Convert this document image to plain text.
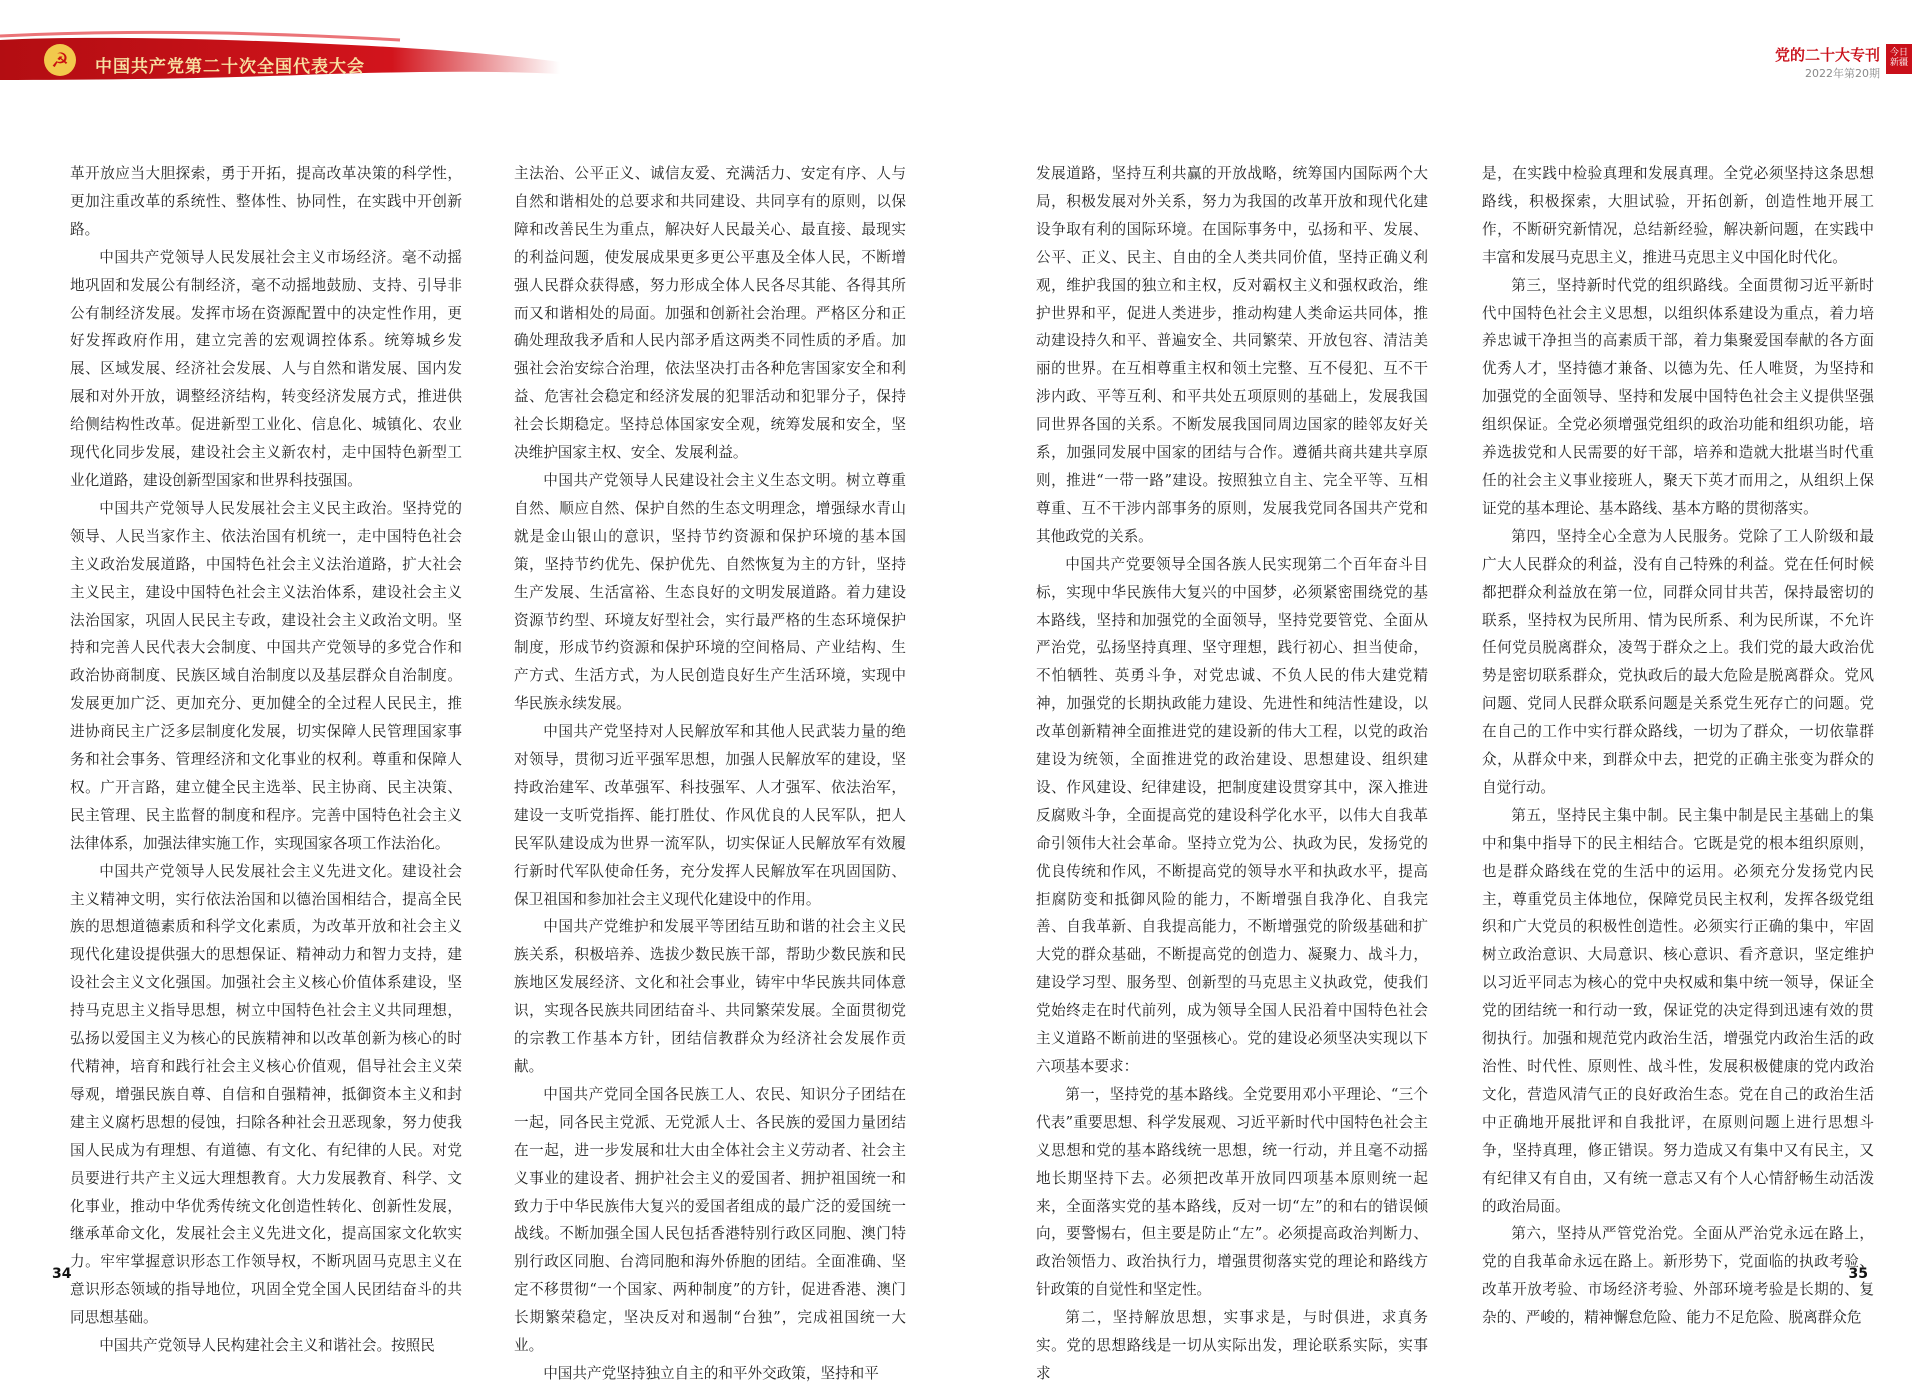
☭	中国共产党第二十次全国代表大会
党的二十大专刊
2022年第20期
今日新疆

革开放应当大胆探索，勇于开拓，提高改革决策的科学性，更加注重改革的系统性、整体性、协同性，在实践中开创新路。

中国共产党领导人民发展社会主义市场经济。毫不动摇地巩固和发展公有制经济，毫不动摇地鼓励、支持、引导非公有制经济发展。发挥市场在资源配置中的决定性作用，更好发挥政府作用，建立完善的宏观调控体系。统筹城乡发展、区域发展、经济社会发展、人与自然和谐发展、国内发展和对外开放，调整经济结构，转变经济发展方式，推进供给侧结构性改革。促进新型工业化、信息化、城镇化、农业现代化同步发展，建设社会主义新农村，走中国特色新型工业化道路，建设创新型国家和世界科技强国。

中国共产党领导人民发展社会主义民主政治。坚持党的领导、人民当家作主、依法治国有机统一，走中国特色社会主义政治发展道路，中国特色社会主义法治道路，扩大社会主义民主，建设中国特色社会主义法治体系，建设社会主义法治国家，巩固人民民主专政，建设社会主义政治文明。坚持和完善人民代表大会制度、中国共产党领导的多党合作和政治协商制度、民族区域自治制度以及基层群众自治制度。发展更加广泛、更加充分、更加健全的全过程人民民主，推进协商民主广泛多层制度化发展，切实保障人民管理国家事务和社会事务、管理经济和文化事业的权利。尊重和保障人权。广开言路，建立健全民主选举、民主协商、民主决策、民主管理、民主监督的制度和程序。完善中国特色社会主义法律体系，加强法律实施工作，实现国家各项工作法治化。

中国共产党领导人民发展社会主义先进文化。建设社会主义精神文明，实行依法治国和以德治国相结合，提高全民族的思想道德素质和科学文化素质，为改革开放和社会主义现代化建设提供强大的思想保证、精神动力和智力支持，建设社会主义文化强国。加强社会主义核心价值体系建设，坚持马克思主义指导思想，树立中国特色社会主义共同理想，弘扬以爱国主义为核心的民族精神和以改革创新为核心的时代精神，培育和践行社会主义核心价值观，倡导社会主义荣辱观，增强民族自尊、自信和自强精神，抵御资本主义和封建主义腐朽思想的侵蚀，扫除各种社会丑恶现象，努力使我国人民成为有理想、有道德、有文化、有纪律的人民。对党员要进行共产主义远大理想教育。大力发展教育、科学、文化事业，推动中华优秀传统文化创造性转化、创新性发展，继承革命文化，发展社会主义先进文化，提高国家文化软实力。牢牢掌握意识形态工作领导权，不断巩固马克思主义在意识形态领域的指导地位，巩固全党全国人民团结奋斗的共同思想基础。

中国共产党领导人民构建社会主义和谐社会。按照民

主法治、公平正义、诚信友爱、充满活力、安定有序、人与自然和谐相处的总要求和共同建设、共同享有的原则，以保障和改善民生为重点，解决好人民最关心、最直接、最现实的利益问题，使发展成果更多更公平惠及全体人民，不断增强人民群众获得感，努力形成全体人民各尽其能、各得其所而又和谐相处的局面。加强和创新社会治理。严格区分和正确处理敌我矛盾和人民内部矛盾这两类不同性质的矛盾。加强社会治安综合治理，依法坚决打击各种危害国家安全和利益、危害社会稳定和经济发展的犯罪活动和犯罪分子，保持社会长期稳定。坚持总体国家安全观，统筹发展和安全，坚决维护国家主权、安全、发展利益。

中国共产党领导人民建设社会主义生态文明。树立尊重自然、顺应自然、保护自然的生态文明理念，增强绿水青山就是金山银山的意识，坚持节约资源和保护环境的基本国策，坚持节约优先、保护优先、自然恢复为主的方针，坚持生产发展、生活富裕、生态良好的文明发展道路。着力建设资源节约型、环境友好型社会，实行最严格的生态环境保护制度，形成节约资源和保护环境的空间格局、产业结构、生产方式、生活方式，为人民创造良好生产生活环境，实现中华民族永续发展。

中国共产党坚持对人民解放军和其他人民武装力量的绝对领导，贯彻习近平强军思想，加强人民解放军的建设，坚持政治建军、改革强军、科技强军、人才强军、依法治军，建设一支听党指挥、能打胜仗、作风优良的人民军队，把人民军队建设成为世界一流军队，切实保证人民解放军有效履行新时代军队使命任务，充分发挥人民解放军在巩固国防、保卫祖国和参加社会主义现代化建设中的作用。

中国共产党维护和发展平等团结互助和谐的社会主义民族关系，积极培养、选拔少数民族干部，帮助少数民族和民族地区发展经济、文化和社会事业，铸牢中华民族共同体意识，实现各民族共同团结奋斗、共同繁荣发展。全面贯彻党的宗教工作基本方针，团结信教群众为经济社会发展作贡献。

中国共产党同全国各民族工人、农民、知识分子团结在一起，同各民主党派、无党派人士、各民族的爱国力量团结在一起，进一步发展和壮大由全体社会主义劳动者、社会主义事业的建设者、拥护社会主义的爱国者、拥护祖国统一和致力于中华民族伟大复兴的爱国者组成的最广泛的爱国统一战线。不断加强全国人民包括香港特别行政区同胞、澳门特别行政区同胞、台湾同胞和海外侨胞的团结。全面准确、坚定不移贯彻“一个国家、两种制度”的方针，促进香港、澳门长期繁荣稳定，坚决反对和遏制“台独”，完成祖国统一大业。

中国共产党坚持独立自主的和平外交政策，坚持和平

发展道路，坚持互利共赢的开放战略，统筹国内国际两个大局，积极发展对外关系，努力为我国的改革开放和现代化建设争取有利的国际环境。在国际事务中，弘扬和平、发展、公平、正义、民主、自由的全人类共同价值，坚持正确义利观，维护我国的独立和主权，反对霸权主义和强权政治，维护世界和平，促进人类进步，推动构建人类命运共同体，推动建设持久和平、普遍安全、共同繁荣、开放包容、清洁美丽的世界。在互相尊重主权和领土完整、互不侵犯、互不干涉内政、平等互利、和平共处五项原则的基础上，发展我国同世界各国的关系。不断发展我国同周边国家的睦邻友好关系，加强同发展中国家的团结与合作。遵循共商共建共享原则，推进“一带一路”建设。按照独立自主、完全平等、互相尊重、互不干涉内部事务的原则，发展我党同各国共产党和其他政党的关系。

中国共产党要领导全国各族人民实现第二个百年奋斗目标，实现中华民族伟大复兴的中国梦，必须紧密围绕党的基本路线，坚持和加强党的全面领导，坚持党要管党、全面从严治党，弘扬坚持真理、坚守理想，践行初心、担当使命，不怕牺牲、英勇斗争，对党忠诚、不负人民的伟大建党精神，加强党的长期执政能力建设、先进性和纯洁性建设，以改革创新精神全面推进党的建设新的伟大工程，以党的政治建设为统领，全面推进党的政治建设、思想建设、组织建设、作风建设、纪律建设，把制度建设贯穿其中，深入推进反腐败斗争，全面提高党的建设科学化水平，以伟大自我革命引领伟大社会革命。坚持立党为公、执政为民，发扬党的优良传统和作风，不断提高党的领导水平和执政水平，提高拒腐防变和抵御风险的能力，不断增强自我净化、自我完善、自我革新、自我提高能力，不断增强党的阶级基础和扩大党的群众基础，不断提高党的创造力、凝聚力、战斗力，建设学习型、服务型、创新型的马克思主义执政党，使我们党始终走在时代前列，成为领导全国人民沿着中国特色社会主义道路不断前进的坚强核心。党的建设必须坚决实现以下六项基本要求：

第一，坚持党的基本路线。全党要用邓小平理论、“三个代表”重要思想、科学发展观、习近平新时代中国特色社会主义思想和党的基本路线统一思想，统一行动，并且毫不动摇地长期坚持下去。必须把改革开放同四项基本原则统一起来，全面落实党的基本路线，反对一切“左”的和右的错误倾向，要警惕右，但主要是防止“左”。必须提高政治判断力、政治领悟力、政治执行力，增强贯彻落实党的理论和路线方针政策的自觉性和坚定性。

第二，坚持解放思想，实事求是，与时俱进，求真务实。党的思想路线是一切从实际出发，理论联系实际，实事求

是，在实践中检验真理和发展真理。全党必须坚持这条思想路线，积极探索，大胆试验，开拓创新，创造性地开展工作，不断研究新情况，总结新经验，解决新问题，在实践中丰富和发展马克思主义，推进马克思主义中国化时代化。

第三，坚持新时代党的组织路线。全面贯彻习近平新时代中国特色社会主义思想，以组织体系建设为重点，着力培养忠诚干净担当的高素质干部，着力集聚爱国奉献的各方面优秀人才，坚持德才兼备、以德为先、任人唯贤，为坚持和加强党的全面领导、坚持和发展中国特色社会主义提供坚强组织保证。全党必须增强党组织的政治功能和组织功能，培养选拔党和人民需要的好干部，培养和造就大批堪当时代重任的社会主义事业接班人，聚天下英才而用之，从组织上保证党的基本理论、基本路线、基本方略的贯彻落实。

第四，坚持全心全意为人民服务。党除了工人阶级和最广大人民群众的利益，没有自己特殊的利益。党在任何时候都把群众利益放在第一位，同群众同甘共苦，保持最密切的联系，坚持权为民所用、情为民所系、利为民所谋，不允许任何党员脱离群众，凌驾于群众之上。我们党的最大政治优势是密切联系群众，党执政后的最大危险是脱离群众。党风问题、党同人民群众联系问题是关系党生死存亡的问题。党在自己的工作中实行群众路线，一切为了群众，一切依靠群众，从群众中来，到群众中去，把党的正确主张变为群众的自觉行动。

第五，坚持民主集中制。民主集中制是民主基础上的集中和集中指导下的民主相结合。它既是党的根本组织原则，也是群众路线在党的生活中的运用。必须充分发扬党内民主，尊重党员主体地位，保障党员民主权利，发挥各级党组织和广大党员的积极性创造性。必须实行正确的集中，牢固树立政治意识、大局意识、核心意识、看齐意识，坚定维护以习近平同志为核心的党中央权威和集中统一领导，保证全党的团结统一和行动一致，保证党的决定得到迅速有效的贯彻执行。加强和规范党内政治生活，增强党内政治生活的政治性、时代性、原则性、战斗性，发展积极健康的党内政治文化，营造风清气正的良好政治生态。党在自己的政治生活中正确地开展批评和自我批评，在原则问题上进行思想斗争，坚持真理，修正错误。努力造成又有集中又有民主，又有纪律又有自由，又有统一意志又有个人心情舒畅生动活泼的政治局面。

第六，坚持从严管党治党。全面从严治党永远在路上，党的自我革命永远在路上。新形势下，党面临的执政考验、改革开放考验、市场经济考验、外部环境考验是长期的、复杂的、严峻的，精神懈怠危险、能力不足危险、脱离群众危

34	35
